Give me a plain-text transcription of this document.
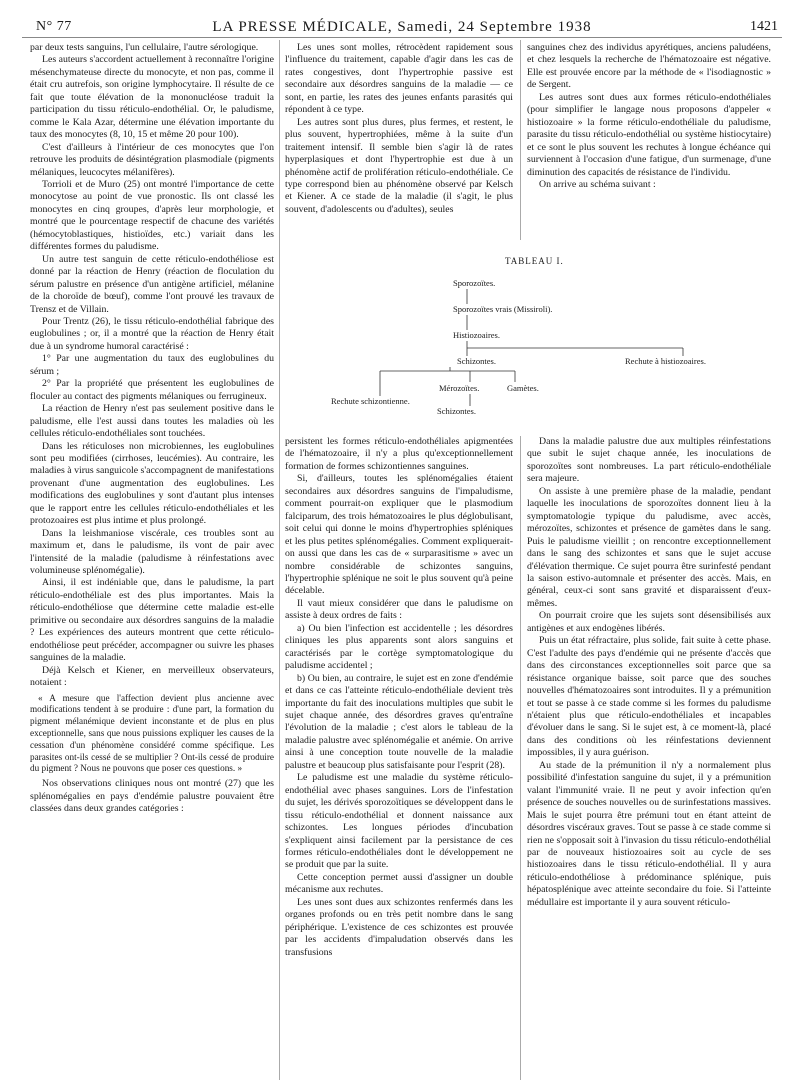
N° 77	LA PRESSE MÉDICALE, Samedi, 24 Septembre 1938	1421

par deux tests sanguins, l'un cellulaire, l'autre sérologique.

Les auteurs s'accordent actuellement à reconnaître l'origine mésenchymateuse directe du monocyte, et non pas, comme il était cru autrefois, son origine lymphocytaire. Il résulte de ce fait que toute élévation de la mononucléose traduit la participation du tissu réticulo-endothélial. Or, le paludisme, comme le Kala Azar, détermine une élévation importante du taux des monocytes (8, 10, 15 et même 20 pour 100).

C'est d'ailleurs à l'intérieur de ces monocytes que l'on retrouve les produits de désintégration plasmodiale (pigments mélaniques, leucocytes mélanifères).

Torrioli et de Muro (25) ont montré l'importance de cette monocytose au point de vue pronostic. Ils ont classé les monocytes en cinq groupes, d'après leur morphologie, et montré que le pourcentage respectif de chacune des variétés (hémocytoblastiques, histioïdes, etc.) variait dans les différentes formes du paludisme.

Un autre test sanguin de cette réticulo-endothéliose est donné par la réaction de Henry (réaction de floculation du sérum palustre en présence d'un antigène artificiel, mélanine de la choroïde de bœuf), comme l'ont prouvé les travaux de Trensz et de Villain.

Pour Trentz (26), le tissu réticulo-endothélial fabrique des euglobulines ; or, il a montré que la réaction de Henry était due à un syndrome humoral caractérisé :

1° Par une augmentation du taux des euglobulines du sérum ;

2° Par la propriété que présentent les euglobulines de floculer au contact des pigments mélaniques ou ferrugineux.

La réaction de Henry n'est pas seulement positive dans le paludisme, elle l'est aussi dans toutes les maladies où les cellules réticulo-endothéliales sont touchées.

Dans les réticuloses non microbiennes, les euglobulines sont peu modifiées (cirrhoses, leucémies). Au contraire, les maladies à virus sanguicole s'accompagnent de manifestations provenant d'une augmentation des euglobulines. Les modifications des euglobulines y sont d'autant plus intenses que le rapport entre les cellules réticulo-endothéliales et les protozoaires est plus intime et plus prolongé.

Dans la leishmaniose viscérale, ces troubles sont au maximum et, dans le paludisme, ils vont de pair avec l'intensité de la maladie (paludisme à réinfestations avec volumineuse splénomégalie).

Ainsi, il est indéniable que, dans le paludisme, la part réticulo-endothéliale est des plus importantes. Mais la réticulo-endothéliose que détermine cette maladie est-elle primitive ou secondaire aux désordres sanguins de la maladie ? Les expériences des auteurs montrent que cette réticulo-endothéliose peut précéder, accompagner ou suivre les phases sanguines de la maladie.

Déjà Kelsch et Kiener, en merveilleux observateurs, notaient :

« A mesure que l'affection devient plus ancienne avec modifications tendent à se produire : d'une part, la formation du pigment mélanémique devient inconstante et de plus en plus exceptionnelle, sans que nous puissions expliquer les causes de la cessation d'un phénomène considéré comme spécifique. Les parasites ont-ils cessé de se multiplier ? Ont-ils cessé de produire du pigment ? Nous ne pouvons que poser ces questions. »

Nos observations cliniques nous ont montré (27) que les splénomégalies en pays d'endémie palustre pouvaient être classées dans deux grandes catégories :

Les unes sont molles, rétrocèdent rapidement sous l'influence du traitement, capable d'agir dans les cas de rates congestives, dont l'hypertrophie passive est secondaire aux désordres sanguins de la maladie — ce sont, en partie, les rates des jeunes enfants parasités qui répondent à ce type.

Les autres sont plus dures, plus fermes, et restent, le plus souvent, hypertrophiées, même à la suite d'un traitement intensif. Il semble bien s'agir là de rates hyperplasiques et dont l'hypertrophie est due à un phénomène actif de prolifération réticulo-endothéliale. Ce type correspond bien au phénomène observé par Kelsch et Kiener. A ce stade de la maladie (il s'agit, le plus souvent, d'adolescents ou d'adultes), seules

sanguines chez des individus apyrétiques, anciens paludéens, et chez lesquels la recherche de l'hématozoaire est négative. Elle est prouvée encore par la méthode de « l'isodiagnostic » de Sergent.

Les autres sont dues aux formes réticulo-endothéliales (pour simplifier le langage nous proposons d'appeler « histiozoaire » la forme réticulo-endothéliale du paludisme, parasite du tissu réticulo-endothélial ou système histiocytaire) et ce sont le plus souvent les rechutes à longue échéance qui surviennent à l'occasion d'une fatigue, d'un surmenage, d'une diminution des capacités de résistance de l'individu.

On arrive au schéma suivant :

TABLEAU I.
Sporozoïtes.
Sporozoïtes vrais (Missiroli).
Histiozoaires.
Schizontes.	Rechute à histiozoaires.
Mérozoïtes.	Gamètes.
Rechute schizontienne.
Schizontes.

persistent les formes réticulo-endothéliales apigmentées de l'hématozoaire, il n'y a plus qu'exceptionnellement formation de formes schizontiennes sanguines.

Si, d'ailleurs, toutes les splénomégalies étaient secondaires aux désordres sanguins de l'impaludisme, comment pourrait-on expliquer que le plasmodium falciparum, des trois hématozoaires le plus déglobulisant, soit celui qui donne le moins d'hypertrophies spléniques et les plus petites splénomégalies. Comment expliquerait-on aussi que dans les cas de « surparasitisme » avec un nombre considérable de schizontes sanguins, l'hypertrophie splénique ne soit le plus souvent qu'à peine décelable.

Il vaut mieux considérer que dans le paludisme on assiste à deux ordres de faits :

a) Ou bien l'infection est accidentelle ; les désordres cliniques les plus apparents sont alors sanguins et caractérisés par le cortège symptomatologique du paludisme accidentel ;

b) Ou bien, au contraire, le sujet est en zone d'endémie et dans ce cas l'atteinte réticulo-endothéliale devient très importante du fait des inoculations multiples que subit le sujet chaque année, des désordres graves qu'entraîne l'évolution de la maladie ; c'est alors le tableau de la maladie palustre avec splénomégalie et anémie. On arrive ainsi à une conception toute nouvelle de la maladie palustre et beaucoup plus satisfaisante pour l'esprit (28).

Le paludisme est une maladie du système réticulo-endothélial avec phases sanguines. Lors de l'infestation du sujet, les dérivés sporozoïtiques se développent dans le tissu réticulo-endothélial et donnent naissance aux schizontes. Les longues périodes d'incubation s'expliquent ainsi facilement par la persistance de ces formes réticulo-endothéliales dont le développement ne se produit que par la suite.

Cette conception permet aussi d'assigner un double mécanisme aux rechutes.

Les unes sont dues aux schizontes renfermés dans les organes profonds ou en très petit nombre dans le sang périphérique. L'existence de ces schizontes est prouvée par les accidents d'impaludation observés dans les transfusions

Dans la maladie palustre due aux multiples réinfestations que subit le sujet chaque année, les inoculations de sporozoïtes sont nombreuses. La part réticulo-endothéliale sera majeure.

On assiste à une première phase de la maladie, pendant laquelle les inoculations de sporozoïtes donnent lieu à la symptomatologie typique du paludisme, avec accès, mérozoïtes, schizontes et présence de gamètes dans le sang. Puis le paludisme vieillit ; on rencontre exceptionnellement dans le sang des schizontes et sans que le sujet accuse d'élévation thermique. Ce sujet pourra être surinfesté pendant la saison estivo-automnale et présenter des accès. Mais, en général, ceux-ci sont sans gravité et disparaissent d'eux-mêmes.

On pourrait croire que les sujets sont désensibilisés aux antigènes et aux endogènes libérés.

Puis un état réfractaire, plus solide, fait suite à cette phase. C'est l'adulte des pays d'endémie qui ne présente d'accès que dans des circonstances exceptionnelles soit parce que sa résistance organique baisse, soit parce que des souches nouvelles d'hématozoaires sont introduites. Il y a prémunition et tout se passe à ce stade comme si les formes du paludisme n'étaient plus que réticulo-endothéliales et incapables d'évoluer dans le sang. Si le sujet est, à ce moment-là, placé dans des conditions où les réinfestations deviennent impossibles, il y aura guérison.

Au stade de la prémunition il n'y a normalement plus possibilité d'infestation sanguine du sujet, il y a prémunition valant l'immunité vraie. Il ne peut y avoir infection qu'en présence de souches nouvelles ou de surinfestations massives. Mais le sujet pourra être prémuni tout en étant atteint de désordres viscéraux graves. Tout se passe à ce stade comme si rien ne s'opposait soit à l'invasion du tissu réticulo-endothélial par de nouveaux histiozoaires soit au cycle de ses histiozoaires dans le tissu réticulo-endothélial. Il y aura réticulo-endothéliose à prédominance splénique, puis hépatosplénique avec atteinte secondaire du foie. Si l'atteinte médullaire est importante il y aura souvent réticulo-
